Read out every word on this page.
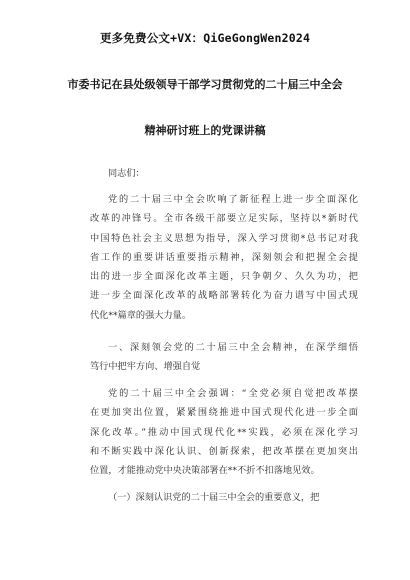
更多免费公文+VX：QiGeGongWen2024
市委书记在县处级领导干部学习贯彻党的二十届三中全会
精神研讨班上的党课讲稿
同志们：
党的二十届三中全会吹响了新征程上进一步全面深化
改革的冲锋号。全市各级干部要立足实际，坚持以*新时代
中国特色社会主义思想为指导，深入学习贯彻*总书记对我
省工作的重要讲话重要指示精神，深刻领会和把握全会提
出的进一步全面深化改革主题，只争朝夕、久久为功，把
进一步全面深化改革的战略部署转化为奋力谱写中国式现
代化**篇章的强大力量。
一、深刻领会党的二十届三中全会精神，在深学细悟
笃行中把牢方向、增强自觉
党的二十届三中全会强调：“全党必须自觉把改革摆
在更加突出位置，紧紧围绕推进中国式现代化进一步全面
深化改革。”推动中国式现代化**实践，必须在深化学习
和不断实践中深化认识、创新探索，把改革摆在更加突出
位置，才能推动党中央决策部署在**不折不扣落地见效。
（一）深刻认识党的二十届三中全会的重要意义，把
